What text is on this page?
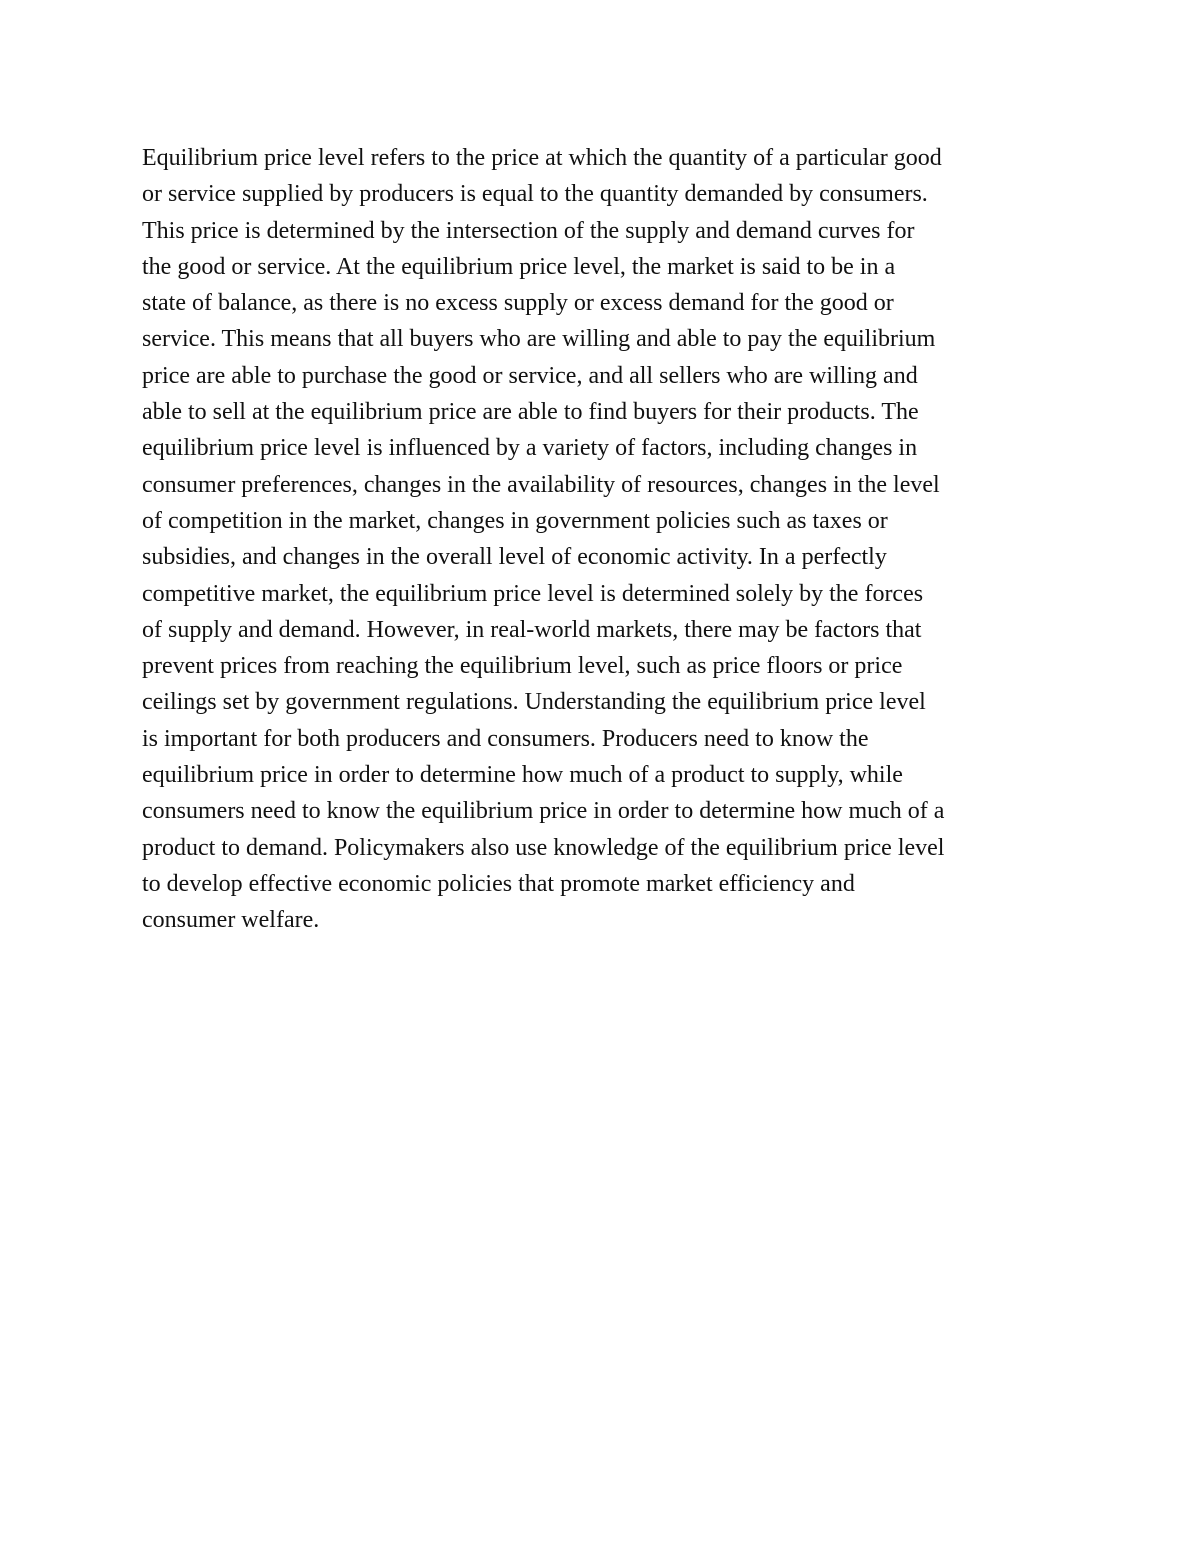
Equilibrium price level refers to the price at which the quantity of a particular good
or service supplied by producers is equal to the quantity demanded by consumers.
This price is determined by the intersection of the supply and demand curves for
the good or service. At the equilibrium price level, the market is said to be in a
state of balance, as there is no excess supply or excess demand for the good or
service. This means that all buyers who are willing and able to pay the equilibrium
price are able to purchase the good or service, and all sellers who are willing and
able to sell at the equilibrium price are able to find buyers for their products. The
equilibrium price level is influenced by a variety of factors, including changes in
consumer preferences, changes in the availability of resources, changes in the level
of competition in the market, changes in government policies such as taxes or
subsidies, and changes in the overall level of economic activity. In a perfectly
competitive market, the equilibrium price level is determined solely by the forces
of supply and demand. However, in real-world markets, there may be factors that
prevent prices from reaching the equilibrium level, such as price floors or price
ceilings set by government regulations. Understanding the equilibrium price level
is important for both producers and consumers. Producers need to know the
equilibrium price in order to determine how much of a product to supply, while
consumers need to know the equilibrium price in order to determine how much of a
product to demand. Policymakers also use knowledge of the equilibrium price level
to develop effective economic policies that promote market efficiency and
consumer welfare.
